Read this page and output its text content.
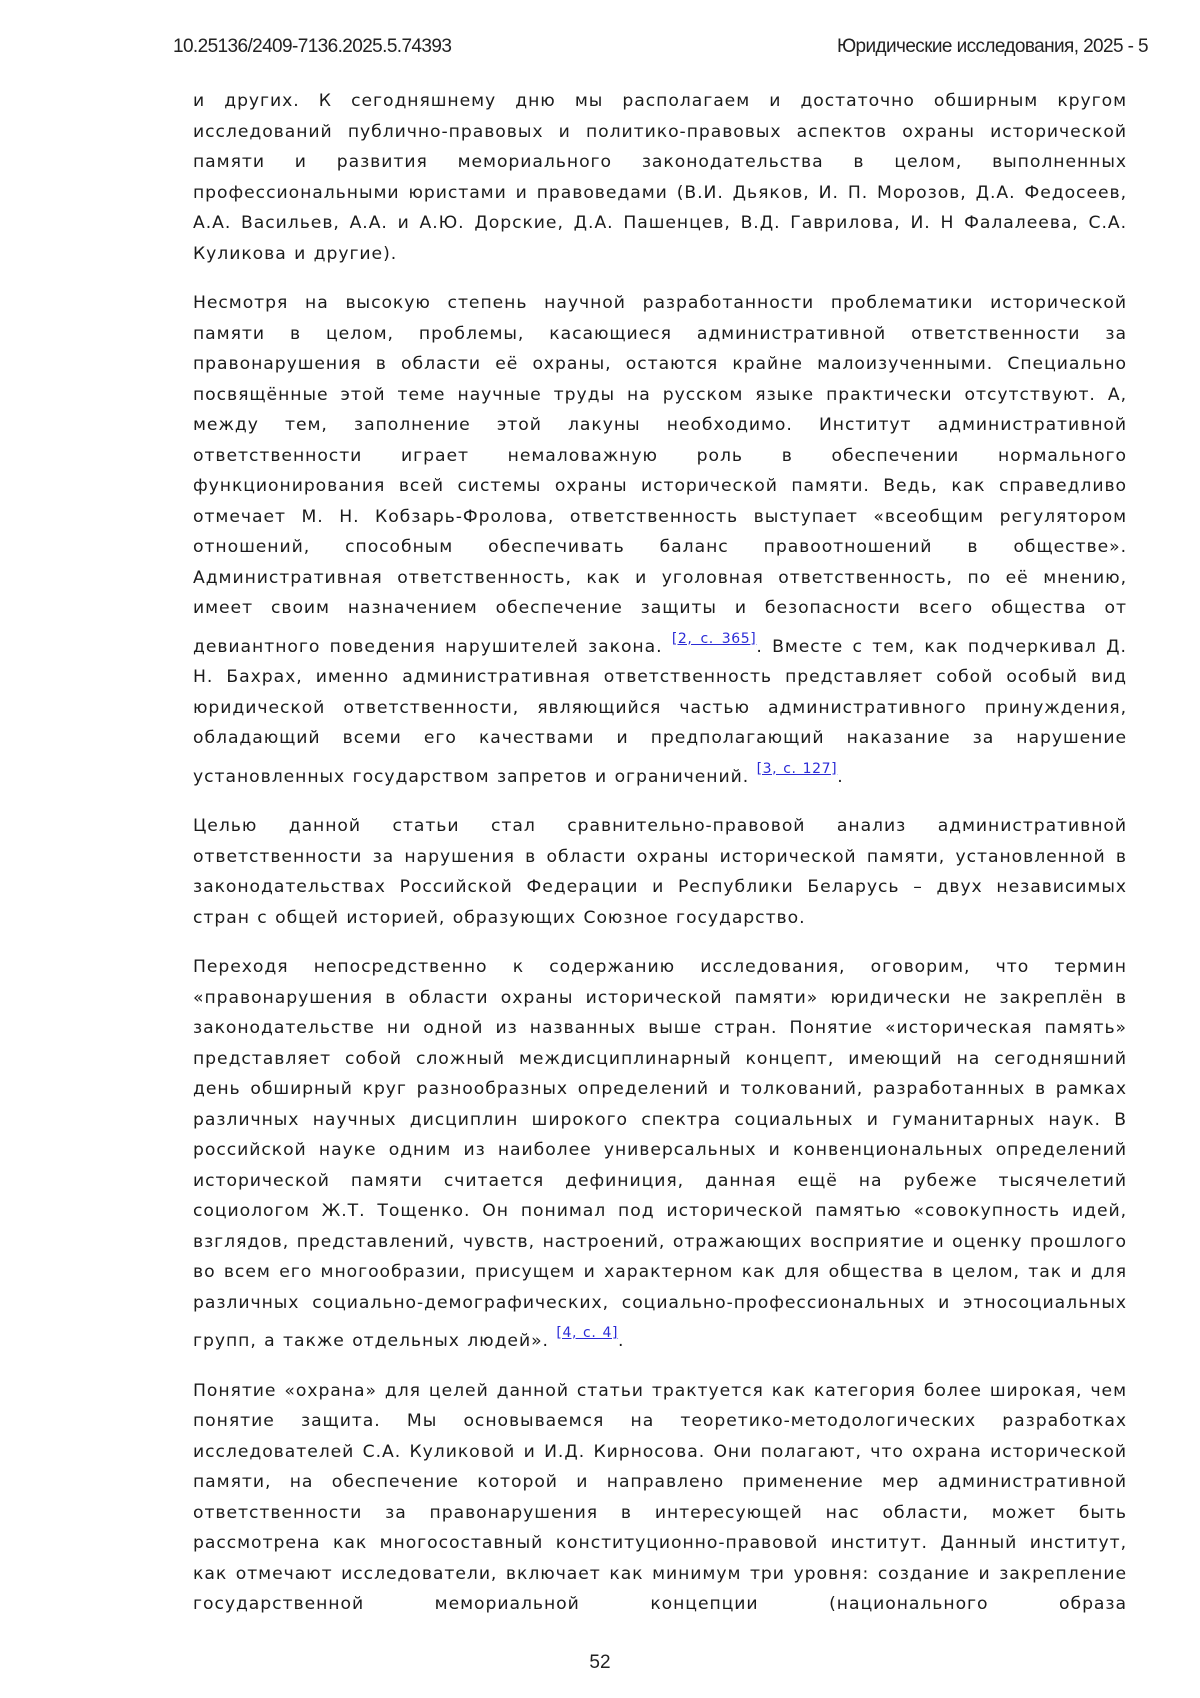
10.25136/2409-7136.2025.5.74393	Юридические исследования, 2025 - 5

и других. К сегодняшнему дню мы располагаем и достаточно обширным кругом исследований публично-правовых и политико-правовых аспектов охраны исторической памяти и развития мемориального законодательства в целом, выполненных профессиональными юристами и правоведами (В.И. Дьяков, И. П. Морозов, Д.А. Федосеев, А.А. Васильев, А.А. и А.Ю. Дорские, Д.А. Пашенцев, В.Д. Гаврилова, И. Н Фалалеева, С.А. Куликова и другие).

Несмотря на высокую степень научной разработанности проблематики исторической памяти в целом, проблемы, касающиеся административной ответственности за правонарушения в области её охраны, остаются крайне малоизученными. Специально посвящённые этой теме научные труды на русском языке практически отсутствуют. А, между тем, заполнение этой лакуны необходимо. Институт административной ответственности играет немаловажную роль в обеспечении нормального функционирования всей системы охраны исторической памяти. Ведь, как справедливо отмечает М. Н. Кобзарь-Фролова, ответственность выступает «всеобщим регулятором отношений, способным обеспечивать баланс правоотношений в обществе». Административная ответственность, как и уголовная ответственность, по её мнению, имеет своим назначением обеспечение защиты и безопасности всего общества от девиантного поведения нарушителей закона. [2, с. 365]. Вместе с тем, как подчеркивал Д. Н. Бахрах, именно административная ответственность представляет собой особый вид юридической ответственности, являющийся частью административного принуждения, обладающий всеми его качествами и предполагающий наказание за нарушение установленных государством запретов и ограничений. [3, с. 127].

Целью данной статьи стал сравнительно-правовой анализ административной ответственности за нарушения в области охраны исторической памяти, установленной в законодательствах Российской Федерации и Республики Беларусь – двух независимых стран с общей историей, образующих Союзное государство.

Переходя непосредственно к содержанию исследования, оговорим, что термин «правонарушения в области охраны исторической памяти» юридически не закреплён в законодательстве ни одной из названных выше стран. Понятие «историческая память» представляет собой сложный междисциплинарный концепт, имеющий на сегодняшний день обширный круг разнообразных определений и толкований, разработанных в рамках различных научных дисциплин широкого спектра социальных и гуманитарных наук. В российской науке одним из наиболее универсальных и конвенциональных определений исторической памяти считается дефиниция, данная ещё на рубеже тысячелетий социологом Ж.Т. Тощенко. Он понимал под исторической памятью «совокупность идей, взглядов, представлений, чувств, настроений, отражающих восприятие и оценку прошлого во всем его многообразии, присущем и характерном как для общества в целом, так и для различных социально-демографических, социально-профессиональных и этносоциальных групп, а также отдельных людей». [4, с. 4].

Понятие «охрана» для целей данной статьи трактуется как категория более широкая, чем понятие защита. Мы основываемся на теоретико-методологических разработках исследователей С.А. Куликовой и И.Д. Кирносова. Они полагают, что охрана исторической памяти, на обеспечение которой и направлено применение мер административной ответственности за правонарушения в интересующей нас области, может быть рассмотрена как многосоставный конституционно-правовой институт. Данный институт, как отмечают исследователи, включает как минимум три уровня: создание и закрепление государственной мемориальной концепции (национального образа

52
